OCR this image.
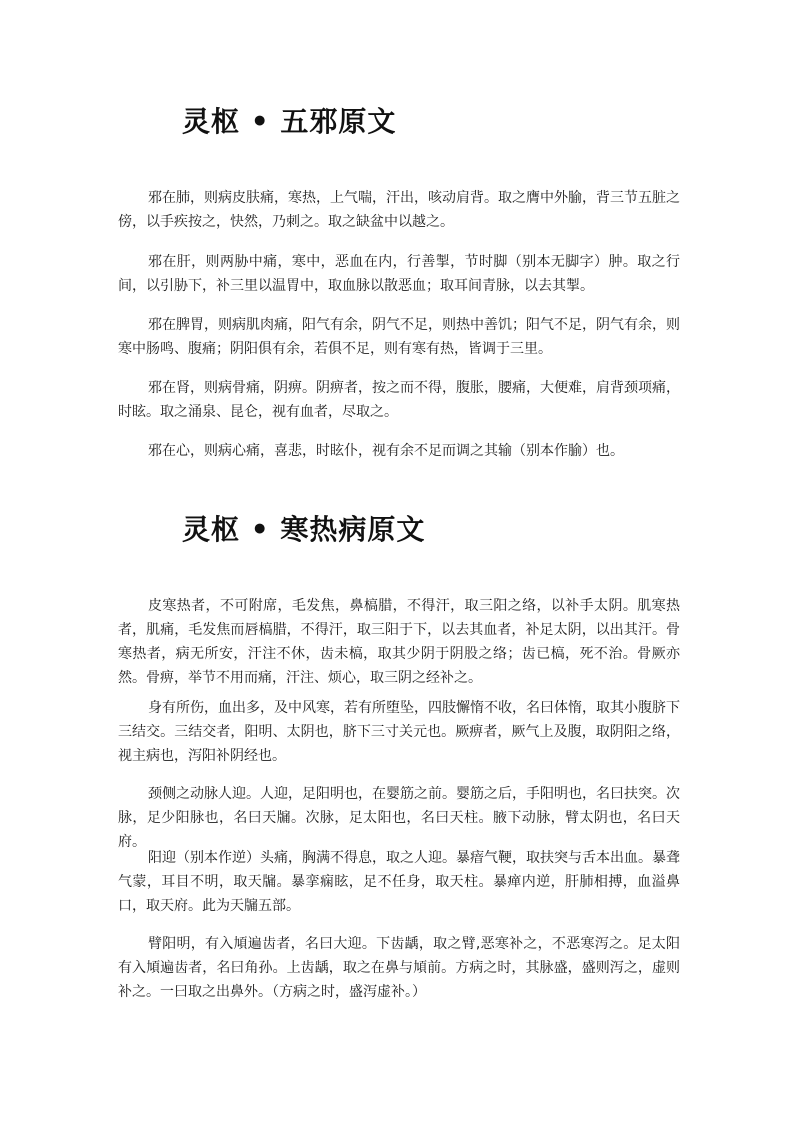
灵枢 • 五邪原文

邪在肺，则病皮肤痛，寒热，上气喘，汗出，咳动肩背。取之膺中外腧，背三节五脏之傍，以手疾按之，快然，乃刺之。取之缺盆中以越之。

邪在肝，则两胁中痛，寒中，恶血在内，行善掣，节时脚（别本无脚字）肿。取之行间，以引胁下，补三里以温胃中，取血脉以散恶血；取耳间青脉，以去其掣。

邪在脾胃，则病肌肉痛，阳气有余，阴气不足，则热中善饥；阳气不足，阴气有余，则寒中肠鸣、腹痛；阴阳俱有余，若俱不足，则有寒有热，皆调于三里。

邪在肾，则病骨痛，阴痹。阴痹者，按之而不得，腹胀，腰痛，大便难，肩背颈项痛，时眩。取之涌泉、昆仑，视有血者，尽取之。

邪在心，则病心痛，喜悲，时眩仆，视有余不足而调之其输（别本作腧）也。

灵枢 • 寒热病原文

皮寒热者，不可附席，毛发焦，鼻槁腊，不得汗，取三阳之络，以补手太阴。肌寒热者，肌痛，毛发焦而唇槁腊，不得汗，取三阳于下，以去其血者，补足太阴，以出其汗。骨寒热者，病无所安，汗注不休，齿未槁，取其少阴于阴股之络；齿已槁，死不治。骨厥亦然。骨痹，举节不用而痛，汗注、烦心，取三阴之经补之。

身有所伤，血出多，及中风寒，若有所堕坠，四肢懈惰不收，名曰体惰，取其小腹脐下三结交。三结交者，阳明、太阴也，脐下三寸关元也。厥痹者，厥气上及腹，取阴阳之络，视主病也，泻阳补阴经也。

颈侧之动脉人迎。人迎，足阳明也，在婴筋之前。婴筋之后，手阳明也，名曰扶突。次脉，足少阳脉也，名曰天牖。次脉，足太阳也，名曰天柱。腋下动脉，臂太阴也，名曰天府。

阳迎（别本作逆）头痛，胸满不得息，取之人迎。暴瘖气鞕，取扶突与舌本出血。暴聋气蒙，耳目不明，取天牖。暴挛痫眩，足不任身，取天柱。暴瘅内逆，肝肺相搏，血溢鼻口，取天府。此为天牖五部。

臂阳明，有入頄遍齿者，名曰大迎。下齿龋，取之臂,恶寒补之，不恶寒泻之。足太阳有入頄遍齿者，名曰角孙。上齿龋，取之在鼻与頄前。方病之时，其脉盛，盛则泻之，虚则补之。一曰取之出鼻外。（方病之时，盛泻虚补。）
